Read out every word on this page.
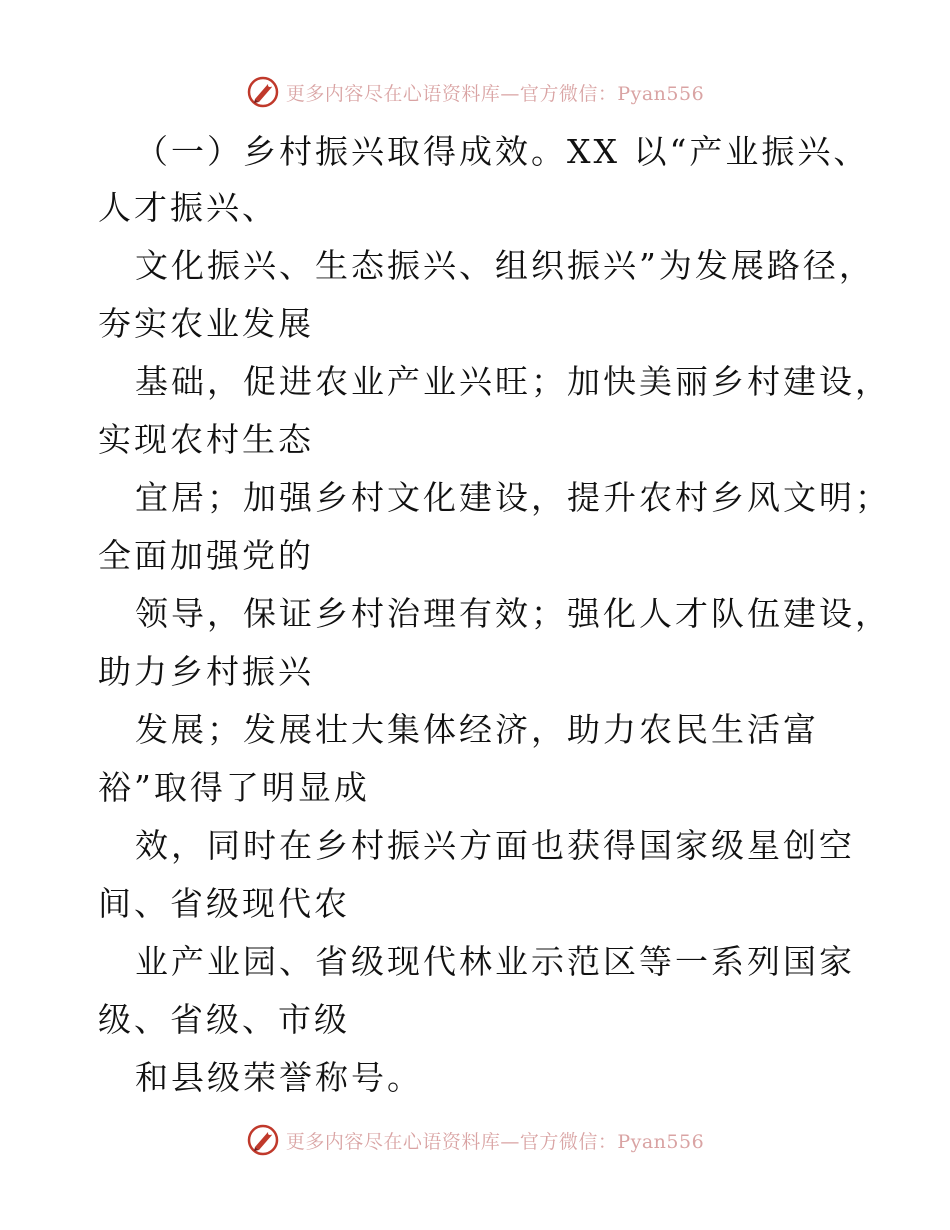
更多内容尽在心语资料库—官方微信：Pyan556
（一）乡村振兴取得成效。XX 以“产业振兴、
人才振兴、
文化振兴、生态振兴、组织振兴”为发展路径，
夯实农业发展
基础，促进农业产业兴旺；加快美丽乡村建设，
实现农村生态
宜居；加强乡村文化建设，提升农村乡风文明；
全面加强党的
领导，保证乡村治理有效；强化人才队伍建设，
助力乡村振兴
发展；发展壮大集体经济，助力农民生活富
裕”取得了明显成
效，同时在乡村振兴方面也获得国家级星创空
间、省级现代农
业产业园、省级现代林业示范区等一系列国家
级、省级、市级
和县级荣誉称号。
更多内容尽在心语资料库—官方微信：Pyan556
